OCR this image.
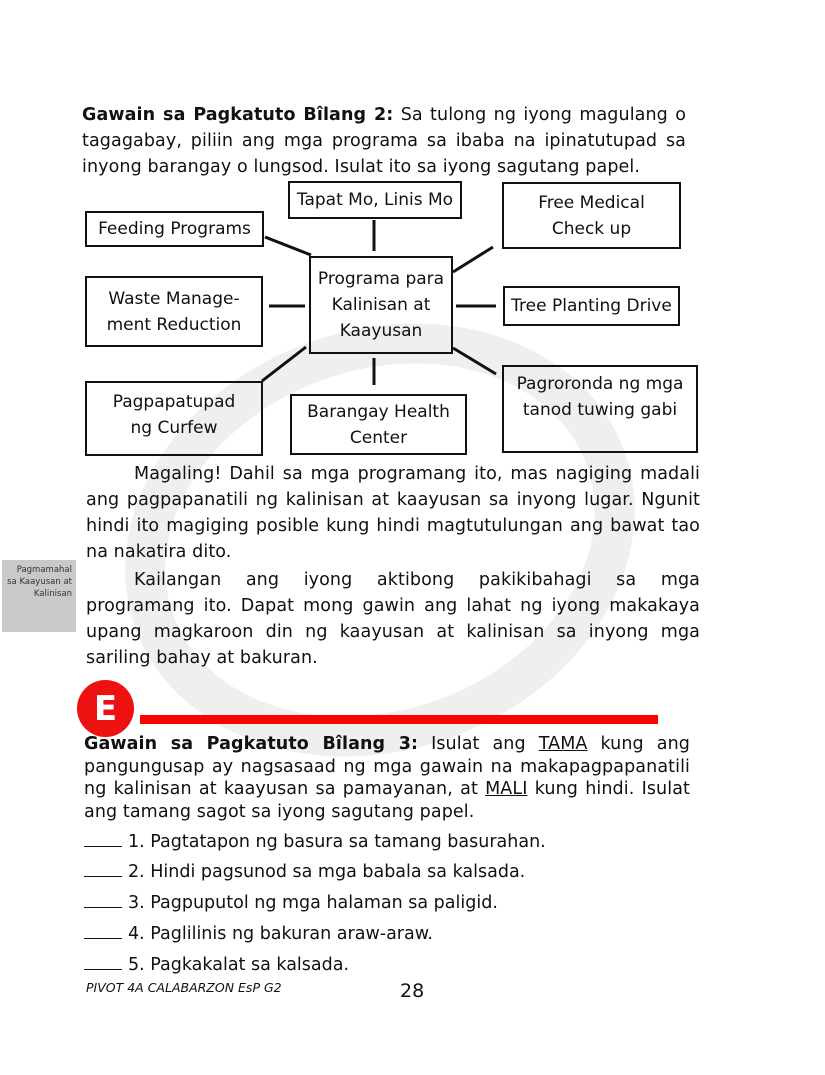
Gawain sa Pagkatuto Bîlang 2: Sa tulong ng iyong magulang o tagagabay, piliin ang mga programa sa ibaba na ipinatutupad sa inyong barangay o lungsod. Isulat ito sa iyong sagutang papel.
Tapat Mo, Linis Mo	Free Medical
Check up
Feeding Programs
Programa para
Kalinisan at
Kaayusan
Waste Manage-
ment Reduction
Tree Planting Drive
Pagpapatupad
ng Curfew
Barangay Health
Center
Pagroronda ng mga
tanod tuwing gabi
Magaling! Dahil sa mga programang ito, mas nagiging madali ang pagpapanatili ng kalinisan at kaayusan sa inyong lugar. Ngunit hindi ito magiging posible kung hindi magtutulungan ang bawat tao na nakatira dito.
Kailangan ang iyong aktibong pakikibahagi sa mga programang ito. Dapat mong gawin ang lahat ng iyong makakaya upang magkaroon din ng kaayusan at kalinisan sa inyong mga sariling bahay at bakuran.
Pagmamahal
sa Kaayusan at
Kalinisan
E
Gawain sa Pagkatuto Bîlang 3: Isulat ang TAMA kung ang pangungusap ay nagsasaad ng mga gawain na makapagpapanatili ng kalinisan at kaayusan sa pamayanan, at MALI kung hindi. Isulat ang tamang sagot sa iyong sagutang papel.
1. Pagtatapon ng basura sa tamang basurahan.
2. Hindi pagsunod sa mga babala sa kalsada.
3. Pagpuputol ng mga halaman sa paligid.
4. Paglilinis ng bakuran araw-araw.
5. Pagkakalat sa kalsada.
PIVOT 4A CALABARZON EsP G2	28
